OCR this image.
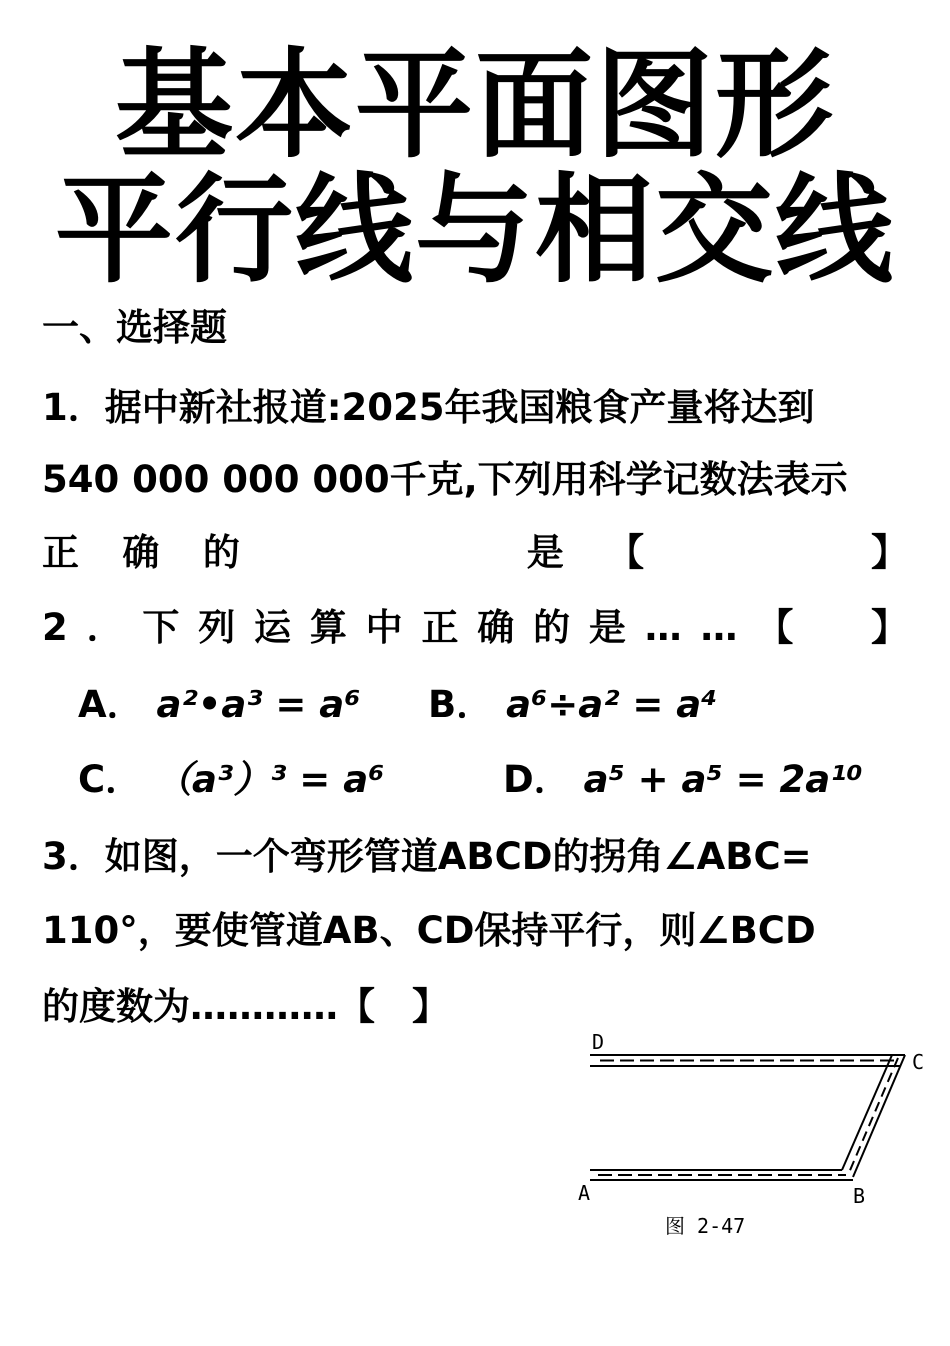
基本平面图形
平行线与相交线
一、选择题
1．据中新社报道:2025年我国粮食产量将达到
540 000 000 000千克,下列用科学记数法表示
正 确 的	是 【	】
2 ． 下 列 运 算 中 正 确 的 是 … … 【 】
A． a²•a³ = a⁶ B． a⁶÷a² = a⁴
C． （a³）³ = a⁶	D． a⁵ + a⁵ = 2a¹⁰
3．如图，一个弯形管道ABCD的拐角∠ABC=
110°，要使管道AB、CD保持平行，则∠BCD
的度数为…………【　】
D
C
A	B
图 2-47
